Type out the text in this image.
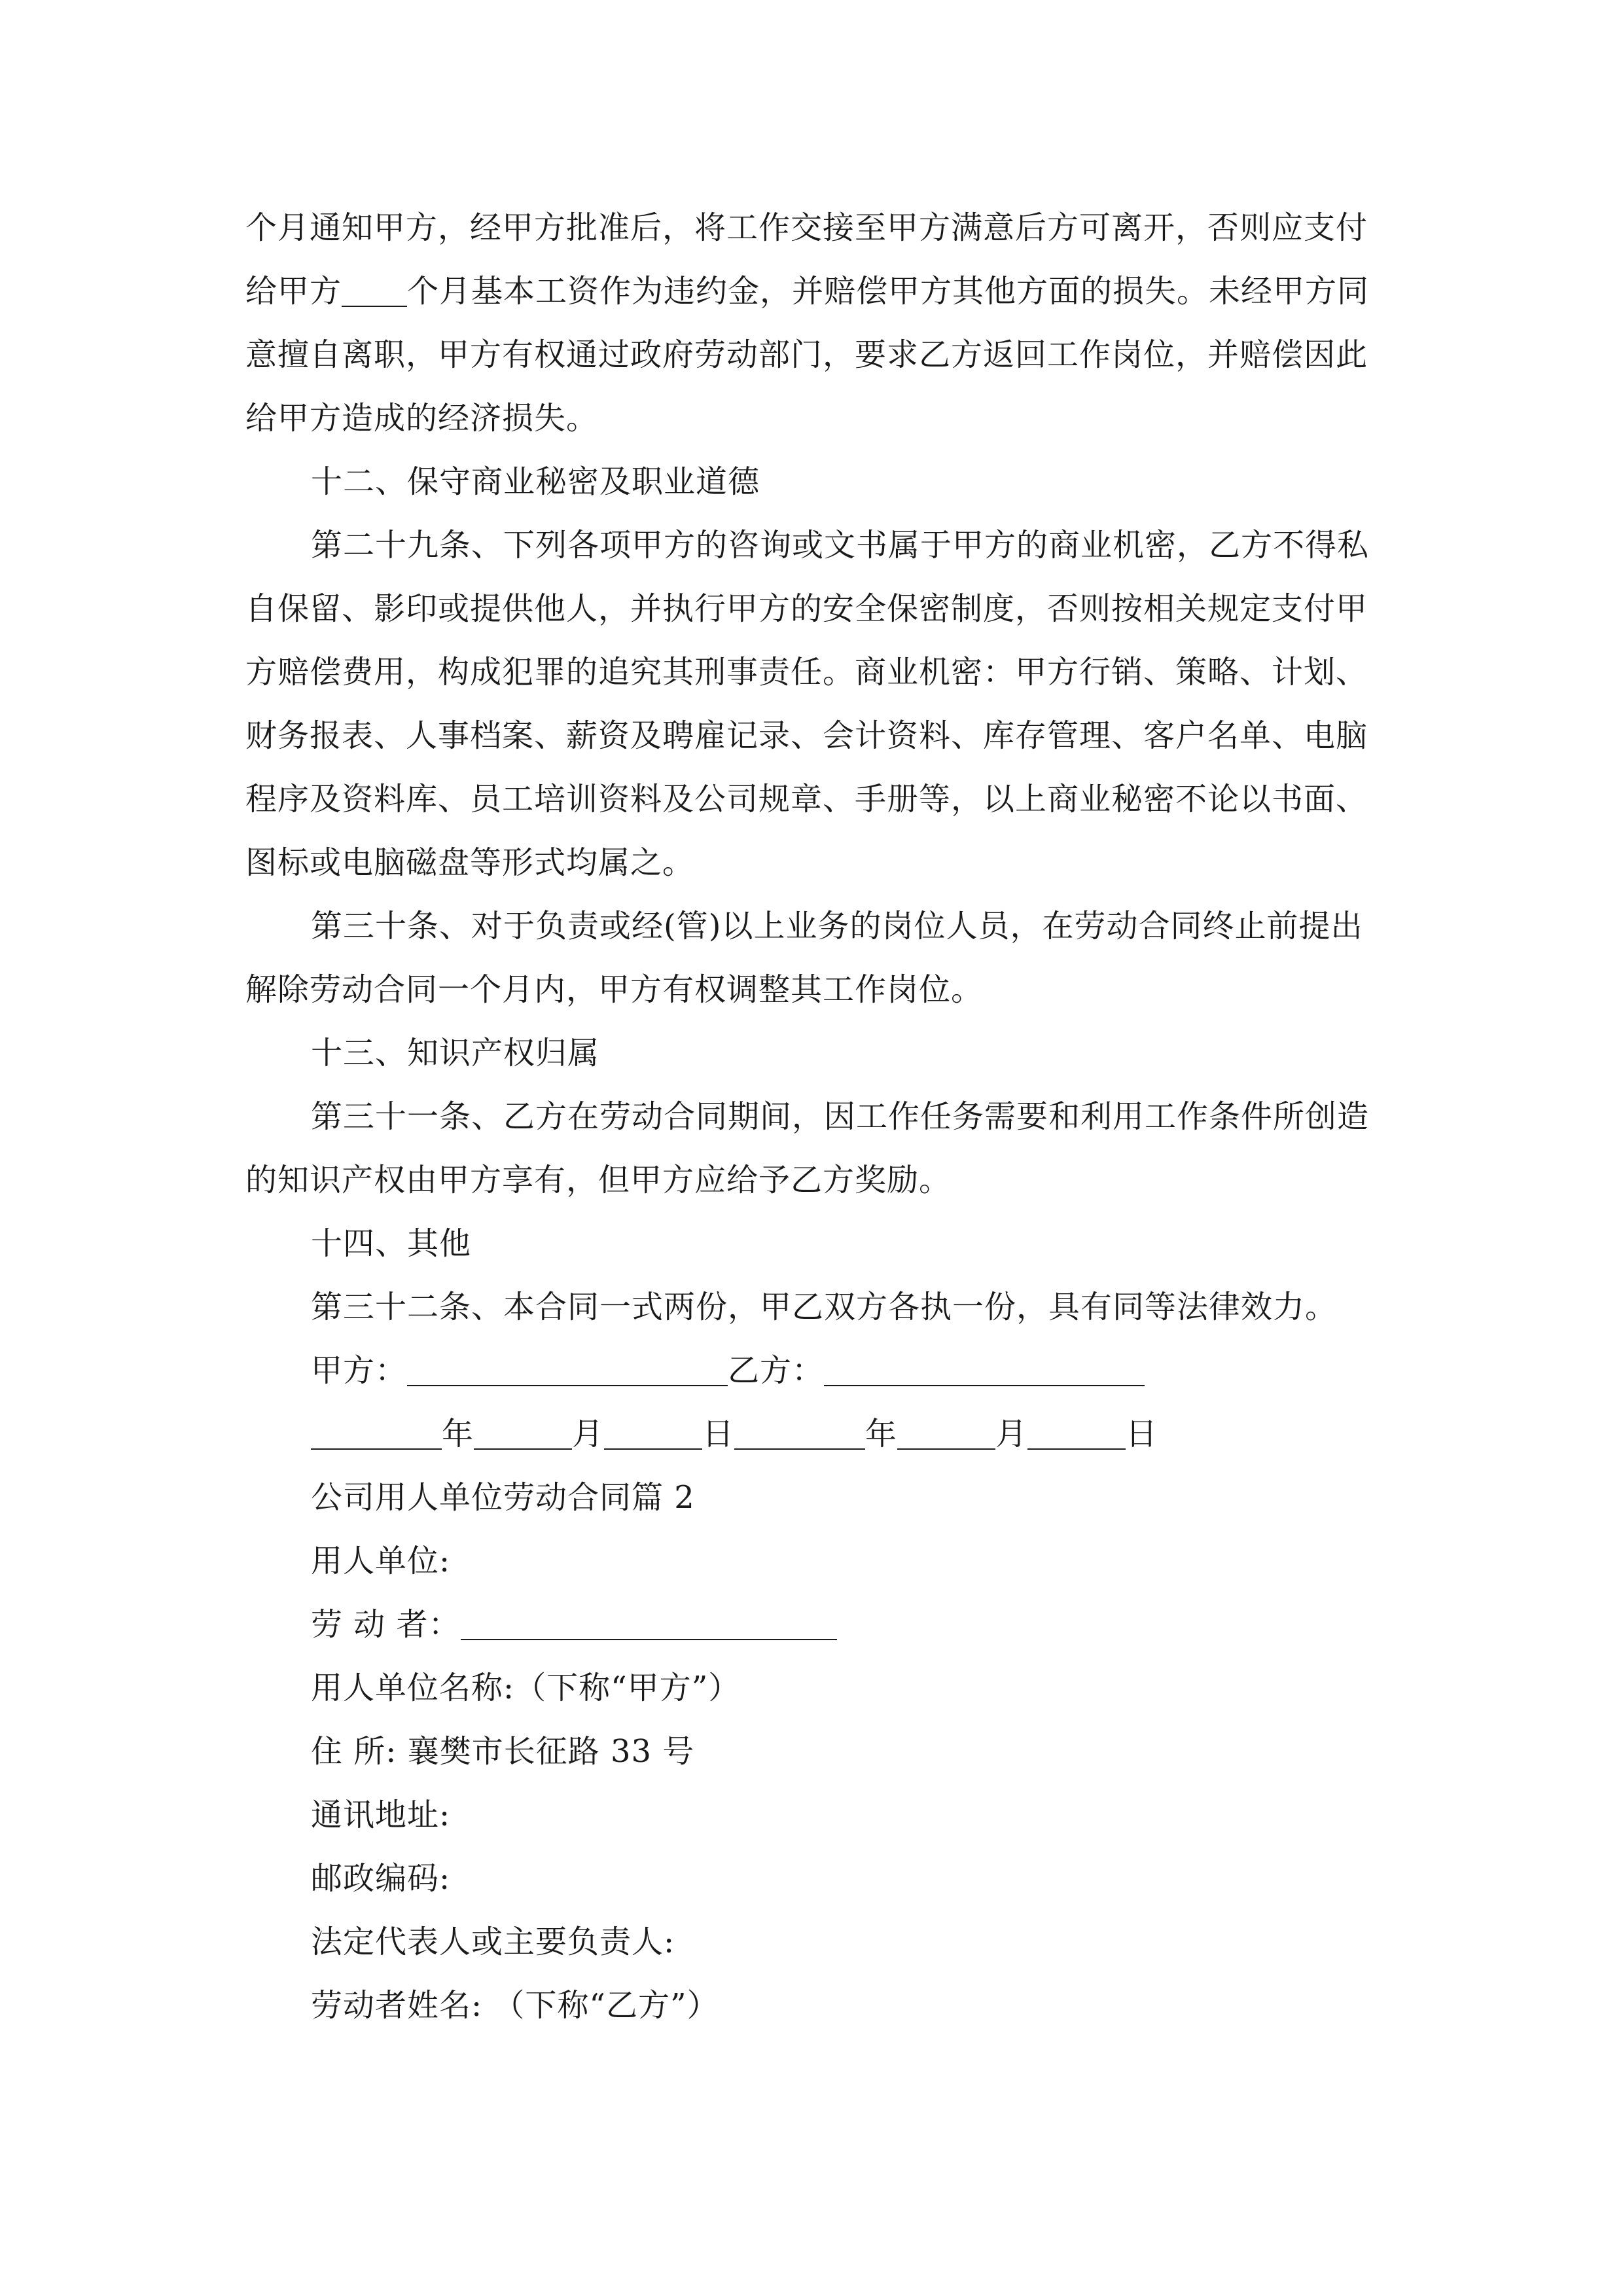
个月通知甲方，经甲方批准后，将工作交接至甲方满意后方可离开，否则应支付
给甲方 个月基本工资作为违约金，并赔偿甲方其他方面的损失。未经甲方同
意擅自离职，甲方有权通过政府劳动部门，要求乙方返回工作岗位，并赔偿因此
给甲方造成的经济损失。
十二、保守商业秘密及职业道德
第二十九条、下列各项甲方的咨询或文书属于甲方的商业机密，乙方不得私
自保留、影印或提供他人，并执行甲方的安全保密制度，否则按相关规定支付甲
方赔偿费用，构成犯罪的追究其刑事责任。商业机密：甲方行销、策略、计划、
财务报表、人事档案、薪资及聘雇记录、会计资料、库存管理、客户名单、电脑
程序及资料库、员工培训资料及公司规章、手册等，以上商业秘密不论以书面、
图标或电脑磁盘等形式均属之。
第三十条、对于负责或经(管)以上业务的岗位人员，在劳动合同终止前提出
解除劳动合同一个月内，甲方有权调整其工作岗位。
十三、知识产权归属
第三十一条、乙方在劳动合同期间，因工作任务需要和利用工作条件所创造
的知识产权由甲方享有，但甲方应给予乙方奖励。
十四、其他
第三十二条、本合同一式两份，甲乙双方各执一份，具有同等法律效力。
甲方：	乙方：
年	月	日	年	月	日
公司用人单位劳动合同篇 2
用人单位:
劳 动 者：
用人单位名称:（下称“甲方”）
住 所: 襄樊市长征路 33 号
通讯地址:
邮政编码:
法定代表人或主要负责人:
劳动者姓名: （下称“乙方”）
